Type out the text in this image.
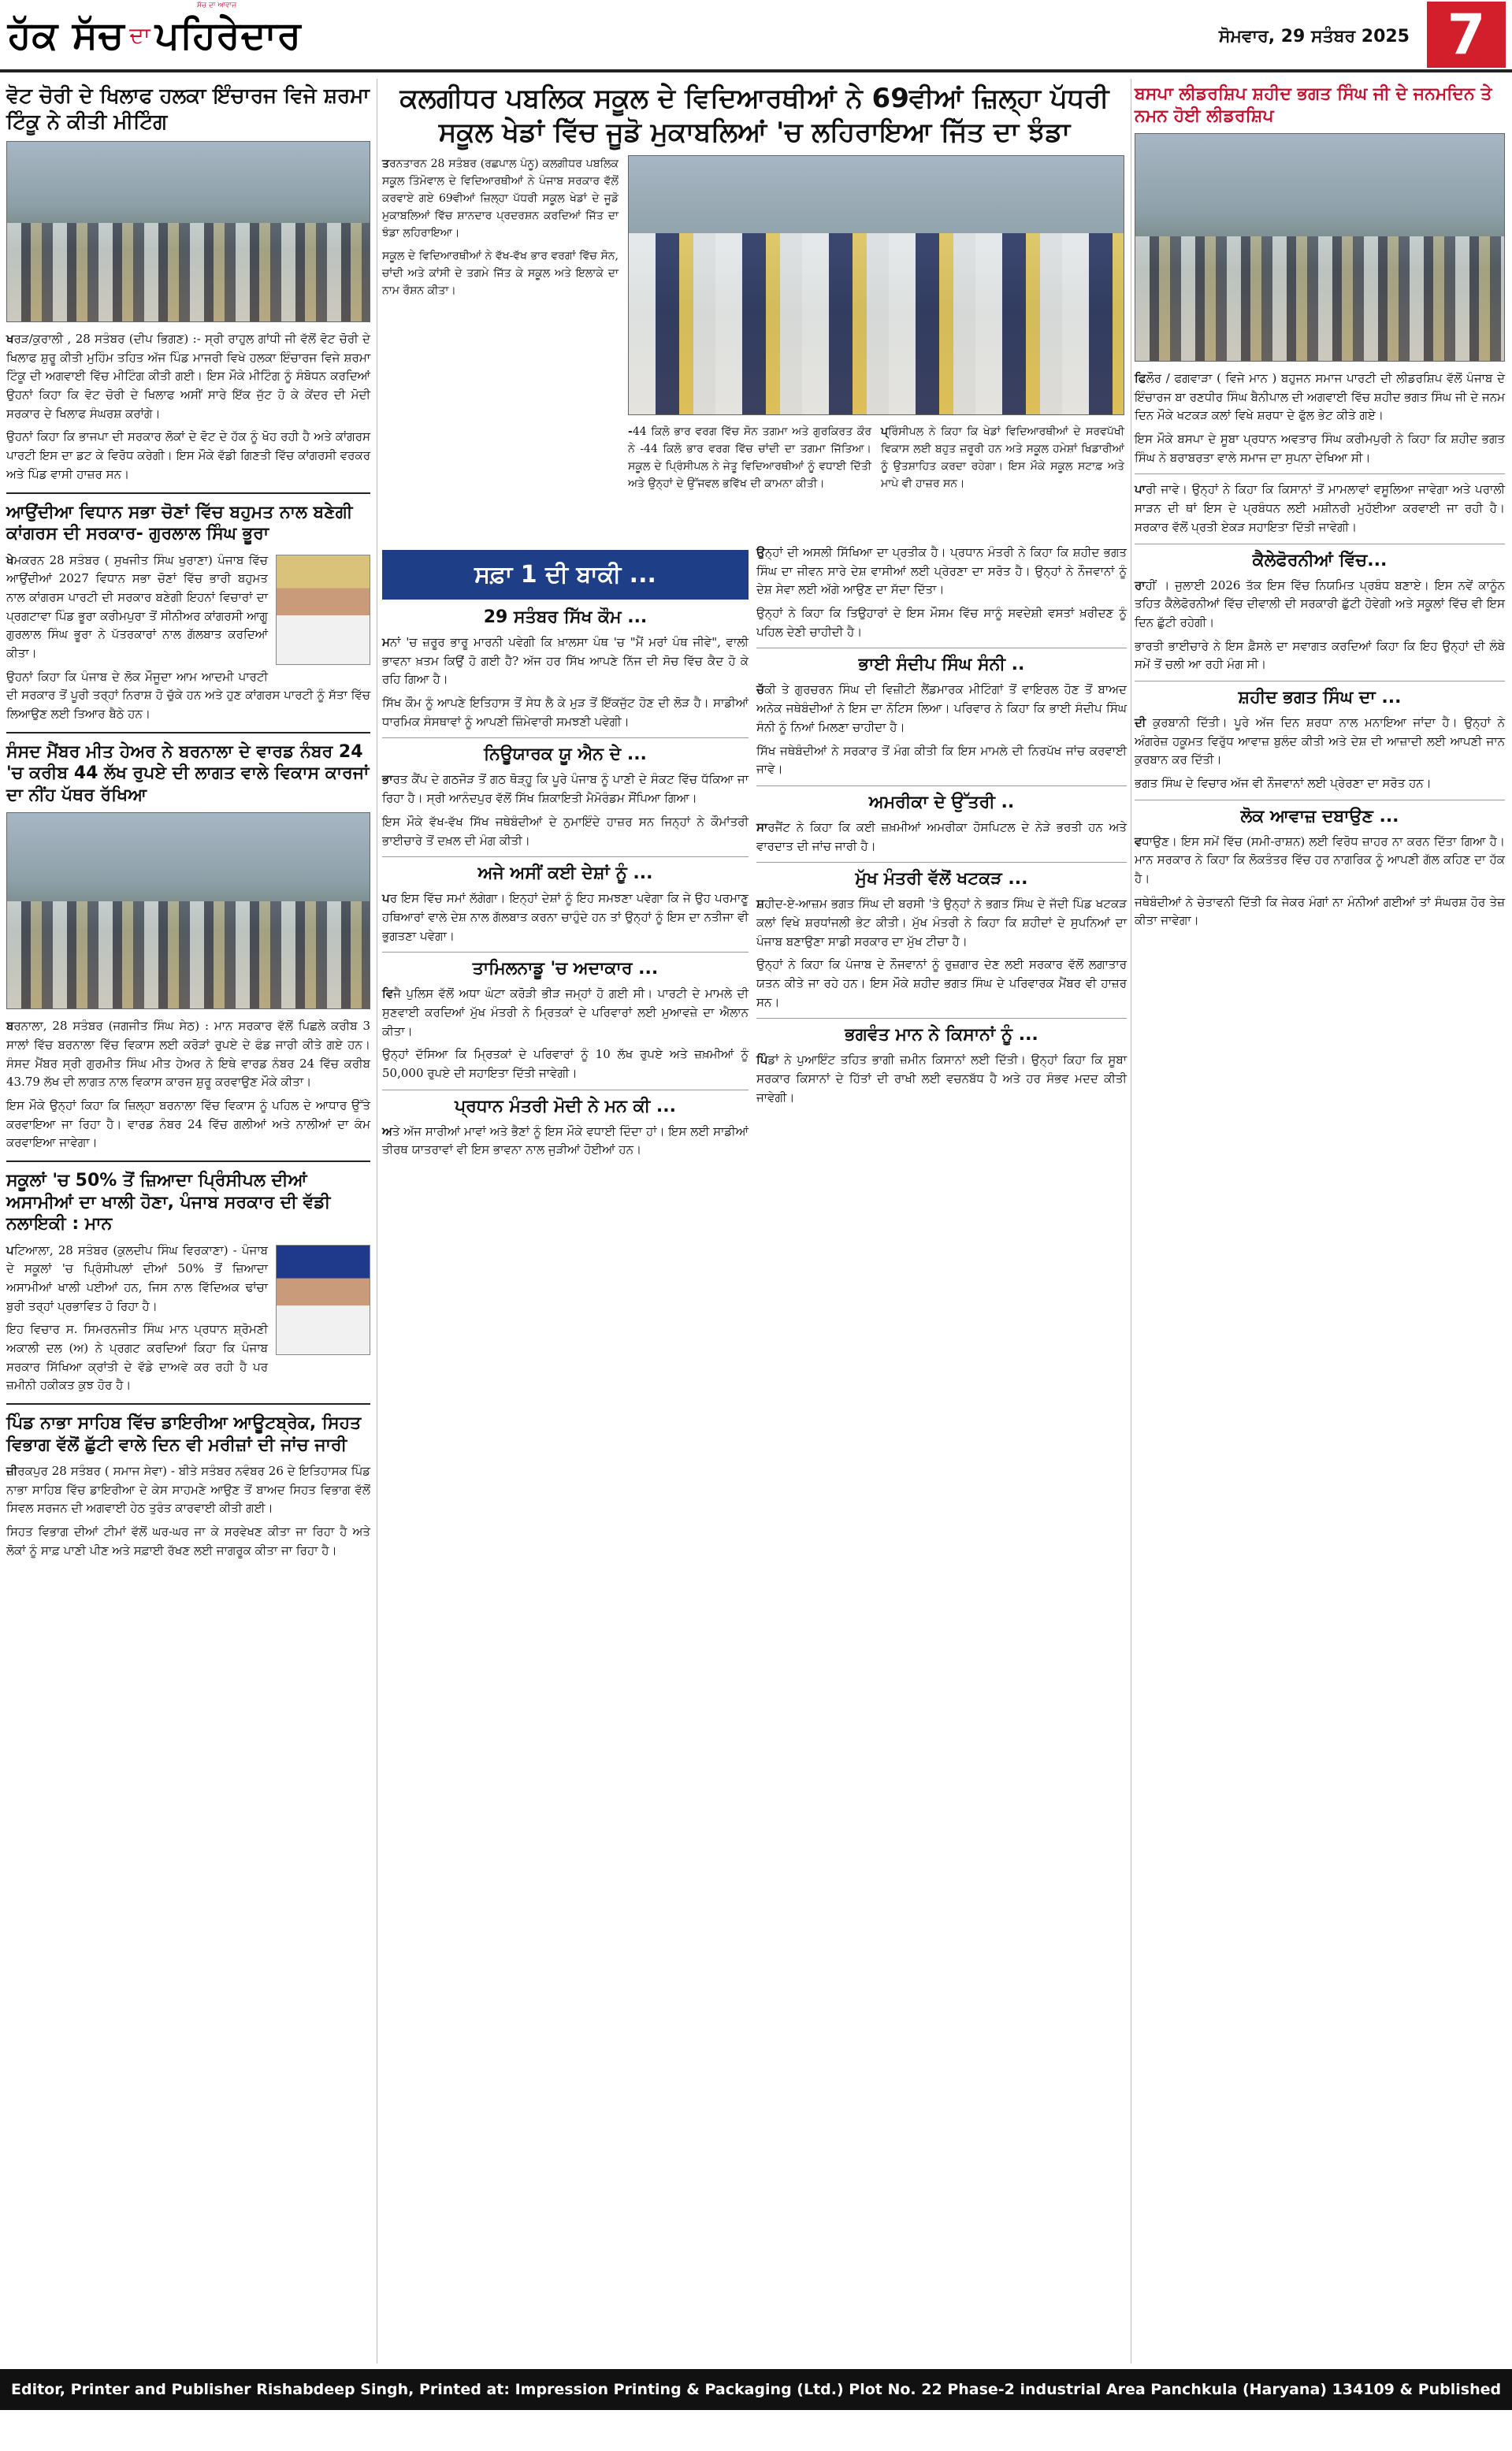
ਹੱਕ ਸੱਚ ਦਾ ਪਹਿਰੇਦਾਰ
ਸੱਚ ਦਾ ਆਵਾਜ਼
ਸੋਮਵਾਰ, 29 ਸਤੰਬਰ 2025 7
ਵੋਟ ਚੋਰੀ ਦੇ ਖਿਲਾਫ ਹਲਕਾ ਇੰਚਾਰਜ ਵਿਜੇ ਸ਼ਰਮਾ ਟਿੰਕੂ ਨੇ ਕੀਤੀ ਮੀਟਿੰਗ

ਖਰੜ/ਕੁਰਾਲੀ , 28 ਸਤੰਬਰ (ਦੀਪ ਭਿਗਣ) :- ਸ੍ਰੀ ਰਾਹੁਲ ਗਾਂਧੀ ਜੀ ਵੱਲੋਂ ਵੋਟ ਚੋਰੀ ਦੇ ਖਿਲਾਫ ਸ਼ੁਰੂ ਕੀਤੀ ਮੁਹਿੰਮ ਤਹਿਤ ਅੱਜ ਪਿੰਡ ਮਾਜਰੀ ਵਿਖੇ ਹਲਕਾ ਇੰਚਾਰਜ ਵਿਜੇ ਸ਼ਰਮਾ ਟਿੰਕੂ ਦੀ ਅਗਵਾਈ ਵਿੱਚ ਮੀਟਿੰਗ ਕੀਤੀ ਗਈ। ਇਸ ਮੌਕੇ ਮੀਟਿੰਗ ਨੂੰ ਸੰਬੋਧਨ ਕਰਦਿਆਂ ਉਹਨਾਂ ਕਿਹਾ ਕਿ ਵੋਟ ਚੋਰੀ ਦੇ ਖਿਲਾਫ ਅਸੀਂ ਸਾਰੇ ਇੱਕ ਜੁੱਟ ਹੋ ਕੇ ਕੇਂਦਰ ਦੀ ਮੋਦੀ ਸਰਕਾਰ ਦੇ ਖਿਲਾਫ ਸੰਘਰਸ਼ ਕਰਾਂਗੇ।

ਉਹਨਾਂ ਕਿਹਾ ਕਿ ਭਾਜਪਾ ਦੀ ਸਰਕਾਰ ਲੋਕਾਂ ਦੇ ਵੋਟ ਦੇ ਹੱਕ ਨੂੰ ਖੋਹ ਰਹੀ ਹੈ ਅਤੇ ਕਾਂਗਰਸ ਪਾਰਟੀ ਇਸ ਦਾ ਡਟ ਕੇ ਵਿਰੋਧ ਕਰੇਗੀ। ਇਸ ਮੌਕੇ ਵੱਡੀ ਗਿਣਤੀ ਵਿੱਚ ਕਾਂਗਰਸੀ ਵਰਕਰ ਅਤੇ ਪਿੰਡ ਵਾਸੀ ਹਾਜ਼ਰ ਸਨ।

ਆਉਂਦੀਆ ਵਿਧਾਨ ਸਭਾ ਚੋਣਾਂ ਵਿੱਚ ਬਹੁਮਤ ਨਾਲ ਬਣੇਗੀ ਕਾਂਗਰਸ ਦੀ ਸਰਕਾਰ- ਗੁਰਲਾਲ ਸਿੰਘ ਭੂਰਾ

ਖੇਮਕਰਨ 28 ਸਤੰਬਰ ( ਸੁਖਜੀਤ ਸਿੰਘ ਖੁਰਾਣਾ) ਪੰਜਾਬ ਵਿੱਚ ਆਉਂਦੀਆਂ 2027 ਵਿਧਾਨ ਸਭਾ ਚੋਣਾਂ ਵਿੱਚ ਭਾਰੀ ਬਹੁਮਤ ਨਾਲ ਕਾਂਗਰਸ ਪਾਰਟੀ ਦੀ ਸਰਕਾਰ ਬਣੇਗੀ ਇਹਨਾਂ ਵਿਚਾਰਾਂ ਦਾ ਪ੍ਰਗਟਾਵਾ ਪਿੰਡ ਭੂਰਾ ਕਰੀਮਪੁਰਾ ਤੋਂ ਸੀਨੀਅਰ ਕਾਂਗਰਸੀ ਆਗੂ ਗੁਰਲਾਲ ਸਿੰਘ ਭੂਰਾ ਨੇ ਪੱਤਰਕਾਰਾਂ ਨਾਲ ਗੱਲਬਾਤ ਕਰਦਿਆਂ ਕੀਤਾ।

ਉਹਨਾਂ ਕਿਹਾ ਕਿ ਪੰਜਾਬ ਦੇ ਲੋਕ ਮੌਜੂਦਾ ਆਮ ਆਦਮੀ ਪਾਰਟੀ ਦੀ ਸਰਕਾਰ ਤੋਂ ਪੂਰੀ ਤਰ੍ਹਾਂ ਨਿਰਾਸ਼ ਹੋ ਚੁੱਕੇ ਹਨ ਅਤੇ ਹੁਣ ਕਾਂਗਰਸ ਪਾਰਟੀ ਨੂੰ ਸੱਤਾ ਵਿੱਚ ਲਿਆਉਣ ਲਈ ਤਿਆਰ ਬੈਠੇ ਹਨ।

ਸੰਸਦ ਮੈਂਬਰ ਮੀਤ ਹੇਅਰ ਨੇ ਬਰਨਾਲਾ ਦੇ ਵਾਰਡ ਨੰਬਰ 24 'ਚ ਕਰੀਬ 44 ਲੱਖ ਰੁਪਏ ਦੀ ਲਾਗਤ ਵਾਲੇ ਵਿਕਾਸ ਕਾਰਜਾਂ ਦਾ ਨੀਂਹ ਪੱਥਰ ਰੱਖਿਆ

ਬਰਨਾਲਾ, 28 ਸਤੰਬਰ (ਜਗਜੀਤ ਸਿੰਘ ਸੇਠ) : ਮਾਨ ਸਰਕਾਰ ਵੱਲੋਂ ਪਿਛਲੇ ਕਰੀਬ 3 ਸਾਲਾਂ ਵਿੱਚ ਬਰਨਾਲਾ ਵਿੱਚ ਵਿਕਾਸ ਲਈ ਕਰੋੜਾਂ ਰੁਪਏ ਦੇ ਫੰਡ ਜਾਰੀ ਕੀਤੇ ਗਏ ਹਨ। ਸੰਸਦ ਮੈਂਬਰ ਸ੍ਰੀ ਗੁਰਮੀਤ ਸਿੰਘ ਮੀਤ ਹੇਅਰ ਨੇ ਇਥੇ ਵਾਰਡ ਨੰਬਰ 24 ਵਿੱਚ ਕਰੀਬ 43.79 ਲੱਖ ਦੀ ਲਾਗਤ ਨਾਲ ਵਿਕਾਸ ਕਾਰਜ ਸ਼ੁਰੂ ਕਰਵਾਉਣ ਮੌਕੇ ਕੀਤਾ।

ਇਸ ਮੌਕੇ ਉਨ੍ਹਾਂ ਕਿਹਾ ਕਿ ਜ਼ਿਲ੍ਹਾ ਬਰਨਾਲਾ ਵਿੱਚ ਵਿਕਾਸ ਨੂੰ ਪਹਿਲ ਦੇ ਆਧਾਰ ਉੱਤੇ ਕਰਵਾਇਆ ਜਾ ਰਿਹਾ ਹੈ। ਵਾਰਡ ਨੰਬਰ 24 ਵਿੱਚ ਗਲੀਆਂ ਅਤੇ ਨਾਲੀਆਂ ਦਾ ਕੰਮ ਕਰਵਾਇਆ ਜਾਵੇਗਾ।

ਸਕੂਲਾਂ 'ਚ 50% ਤੋਂ ਜ਼ਿਆਦਾ ਪ੍ਰਿੰਸੀਪਲ ਦੀਆਂ ਅਸਾਮੀਆਂ ਦਾ ਖਾਲੀ ਹੋਣਾ, ਪੰਜਾਬ ਸਰਕਾਰ ਦੀ ਵੱਡੀ ਨਲਾਇਕੀ : ਮਾਨ

ਪਟਿਆਲਾ, 28 ਸਤੰਬਰ (ਕੁਲਦੀਪ ਸਿੰਘ ਵਿਰਕਾਣਾ) - ਪੰਜਾਬ ਦੇ ਸਕੂਲਾਂ 'ਚ ਪ੍ਰਿੰਸੀਪਲਾਂ ਦੀਆਂ 50% ਤੋਂ ਜ਼ਿਆਦਾ ਅਸਾਮੀਆਂ ਖਾਲੀ ਪਈਆਂ ਹਨ, ਜਿਸ ਨਾਲ ਵਿੱਦਿਅਕ ਢਾਂਚਾ ਬੁਰੀ ਤਰ੍ਹਾਂ ਪ੍ਰਭਾਵਿਤ ਹੋ ਰਿਹਾ ਹੈ।

ਇਹ ਵਿਚਾਰ ਸ. ਸਿਮਰਨਜੀਤ ਸਿੰਘ ਮਾਨ ਪ੍ਰਧਾਨ ਸ਼੍ਰੋਮਣੀ ਅਕਾਲੀ ਦਲ (ਅ) ਨੇ ਪ੍ਰਗਟ ਕਰਦਿਆਂ ਕਿਹਾ ਕਿ ਪੰਜਾਬ ਸਰਕਾਰ ਸਿੱਖਿਆ ਕ੍ਰਾਂਤੀ ਦੇ ਵੱਡੇ ਦਾਅਵੇ ਕਰ ਰਹੀ ਹੈ ਪਰ ਜ਼ਮੀਨੀ ਹਕੀਕਤ ਕੁਝ ਹੋਰ ਹੈ।

ਪਿੰਡ ਨਾਭਾ ਸਾਹਿਬ ਵਿੱਚ ਡਾਇਰੀਆ ਆਊਟਬ੍ਰੇਕ, ਸਿਹਤ ਵਿਭਾਗ ਵੱਲੋਂ ਛੁੱਟੀ ਵਾਲੇ ਦਿਨ ਵੀ ਮਰੀਜ਼ਾਂ ਦੀ ਜਾਂਚ ਜਾਰੀ

ਜ਼ੀਰਕਪੁਰ 28 ਸਤੰਬਰ ( ਸਮਾਜ ਸੇਵਾ) - ਬੀਤੇ ਸਤੰਬਰ ਨਵੰਬਰ 26 ਦੇ ਇਤਿਹਾਸਕ ਪਿੰਡ ਨਾਭਾ ਸਾਹਿਬ ਵਿੱਚ ਡਾਇਰੀਆ ਦੇ ਕੇਸ ਸਾਹਮਣੇ ਆਉਣ ਤੋਂ ਬਾਅਦ ਸਿਹਤ ਵਿਭਾਗ ਵੱਲੋਂ ਸਿਵਲ ਸਰਜਨ ਦੀ ਅਗਵਾਈ ਹੇਠ ਤੁਰੰਤ ਕਾਰਵਾਈ ਕੀਤੀ ਗਈ।

ਸਿਹਤ ਵਿਭਾਗ ਦੀਆਂ ਟੀਮਾਂ ਵੱਲੋਂ ਘਰ-ਘਰ ਜਾ ਕੇ ਸਰਵੇਖਣ ਕੀਤਾ ਜਾ ਰਿਹਾ ਹੈ ਅਤੇ ਲੋਕਾਂ ਨੂੰ ਸਾਫ਼ ਪਾਣੀ ਪੀਣ ਅਤੇ ਸਫ਼ਾਈ ਰੱਖਣ ਲਈ ਜਾਗਰੂਕ ਕੀਤਾ ਜਾ ਰਿਹਾ ਹੈ।

ਕਲਗੀਧਰ ਪਬਲਿਕ ਸਕੂਲ ਦੇ ਵਿਦਿਆਰਥੀਆਂ ਨੇ 69ਵੀਆਂ ਜ਼ਿਲ੍ਹਾ ਪੱਧਰੀ ਸਕੂਲ ਖੇਡਾਂ ਵਿੱਚ ਜੂਡੋ ਮੁਕਾਬਲਿਆਂ 'ਚ ਲਹਿਰਾਇਆ ਜਿੱਤ ਦਾ ਝੰਡਾ

ਤਰਨਤਾਰਨ 28 ਸਤੰਬਰ (ਰਛਪਾਲ ਪੰਨੂ) ਕਲਗੀਧਰ ਪਬਲਿਕ ਸਕੂਲ ਤਿੰਮੋਵਾਲ ਦੇ ਵਿਦਿਆਰਥੀਆਂ ਨੇ ਪੰਜਾਬ ਸਰਕਾਰ ਵੱਲੋਂ ਕਰਵਾਏ ਗਏ 69ਵੀਆਂ ਜ਼ਿਲ੍ਹਾ ਪੱਧਰੀ ਸਕੂਲ ਖੇਡਾਂ ਦੇ ਜੂਡੋ ਮੁਕਾਬਲਿਆਂ ਵਿੱਚ ਸ਼ਾਨਦਾਰ ਪ੍ਰਦਰਸ਼ਨ ਕਰਦਿਆਂ ਜਿੱਤ ਦਾ ਝੰਡਾ ਲਹਿਰਾਇਆ।

ਸਕੂਲ ਦੇ ਵਿਦਿਆਰਥੀਆਂ ਨੇ ਵੱਖ-ਵੱਖ ਭਾਰ ਵਰਗਾਂ ਵਿੱਚ ਸੋਨ, ਚਾਂਦੀ ਅਤੇ ਕਾਂਸੀ ਦੇ ਤਗਮੇ ਜਿੱਤ ਕੇ ਸਕੂਲ ਅਤੇ ਇਲਾਕੇ ਦਾ ਨਾਮ ਰੌਸ਼ਨ ਕੀਤਾ।

-44 ਕਿਲੋ ਭਾਰ ਵਰਗ ਵਿੱਚ ਸੋਨ ਤਗਮਾ ਅਤੇ ਗੁਰਕਿਰਤ ਕੌਰ ਨੇ -44 ਕਿਲੋ ਭਾਰ ਵਰਗ ਵਿੱਚ ਚਾਂਦੀ ਦਾ ਤਗਮਾ ਜਿੱਤਿਆ। ਸਕੂਲ ਦੇ ਪ੍ਰਿੰਸੀਪਲ ਨੇ ਜੇਤੂ ਵਿਦਿਆਰਥੀਆਂ ਨੂੰ ਵਧਾਈ ਦਿੱਤੀ ਅਤੇ ਉਨ੍ਹਾਂ ਦੇ ਉੱਜਵਲ ਭਵਿੱਖ ਦੀ ਕਾਮਨਾ ਕੀਤੀ।

ਪ੍ਰਿੰਸੀਪਲ ਨੇ ਕਿਹਾ ਕਿ ਖੇਡਾਂ ਵਿਦਿਆਰਥੀਆਂ ਦੇ ਸਰਵਪੱਖੀ ਵਿਕਾਸ ਲਈ ਬਹੁਤ ਜ਼ਰੂਰੀ ਹਨ ਅਤੇ ਸਕੂਲ ਹਮੇਸ਼ਾਂ ਖਿਡਾਰੀਆਂ ਨੂੰ ਉਤਸ਼ਾਹਿਤ ਕਰਦਾ ਰਹੇਗਾ। ਇਸ ਮੌਕੇ ਸਕੂਲ ਸਟਾਫ਼ ਅਤੇ ਮਾਪੇ ਵੀ ਹਾਜ਼ਰ ਸਨ।

ਸਫ਼ਾ 1 ਦੀ ਬਾਕੀ ...
29 ਸਤੰਬਰ ਸਿੱਖ ਕੌਮ ...

ਮਨਾਂ 'ਚ ਜ਼ਰੂਰ ਭਾਰੂ ਮਾਰਨੀ ਪਵੇਗੀ ਕਿ ਖ਼ਾਲਸਾ ਪੰਥ 'ਚ "ਮੈਂ ਮਰਾਂ ਪੰਥ ਜੀਵੇ", ਵਾਲੀ ਭਾਵਨਾ ਖ਼ਤਮ ਕਿਉਂ ਹੋ ਗਈ ਹੈ? ਅੱਜ ਹਰ ਸਿੱਖ ਆਪਣੇ ਨਿੱਜ ਦੀ ਸੋਚ ਵਿੱਚ ਕੈਦ ਹੋ ਕੇ ਰਹਿ ਗਿਆ ਹੈ।

ਸਿੱਖ ਕੌਮ ਨੂੰ ਆਪਣੇ ਇਤਿਹਾਸ ਤੋਂ ਸੇਧ ਲੈ ਕੇ ਮੁੜ ਤੋਂ ਇੱਕਜੁੱਟ ਹੋਣ ਦੀ ਲੋੜ ਹੈ। ਸਾਡੀਆਂ ਧਾਰਮਿਕ ਸੰਸਥਾਵਾਂ ਨੂੰ ਆਪਣੀ ਜ਼ਿੰਮੇਵਾਰੀ ਸਮਝਣੀ ਪਵੇਗੀ।

ਨਿਊਯਾਰਕ ਯੂ ਐਨ ਦੇ ...

ਭਾਰਤ ਕੈਂਪ ਦੇ ਗਠਜੋੜ ਤੋਂ ਗਠ ਥੋੜ੍ਹੂ ਕਿ ਪੂਰੇ ਪੰਜਾਬ ਨੂੰ ਪਾਣੀ ਦੇ ਸੰਕਟ ਵਿੱਚ ਧੱਕਿਆ ਜਾ ਰਿਹਾ ਹੈ। ਸ੍ਰੀ ਆਨੰਦਪੁਰ ਵੱਲੋਂ ਸਿੱਖ ਸ਼ਿਕਾਇਤੀ ਮੈਮੋਰੰਡਮ ਸੌਂਪਿਆ ਗਿਆ।

ਇਸ ਮੌਕੇ ਵੱਖ-ਵੱਖ ਸਿੱਖ ਜਥੇਬੰਦੀਆਂ ਦੇ ਨੁਮਾਇੰਦੇ ਹਾਜ਼ਰ ਸਨ ਜਿਨ੍ਹਾਂ ਨੇ ਕੌਮਾਂਤਰੀ ਭਾਈਚਾਰੇ ਤੋਂ ਦਖ਼ਲ ਦੀ ਮੰਗ ਕੀਤੀ।

ਅਜੇ ਅਸੀਂ ਕਈ ਦੇਸ਼ਾਂ ਨੂੰ ...

ਪਰ ਇਸ ਵਿੱਚ ਸਮਾਂ ਲੱਗੇਗਾ। ਇਨ੍ਹਾਂ ਦੇਸ਼ਾਂ ਨੂੰ ਇਹ ਸਮਝਣਾ ਪਵੇਗਾ ਕਿ ਜੇ ਉਹ ਪਰਮਾਣੂ ਹਥਿਆਰਾਂ ਵਾਲੇ ਦੇਸ਼ ਨਾਲ ਗੱਲਬਾਤ ਕਰਨਾ ਚਾਹੁੰਦੇ ਹਨ ਤਾਂ ਉਨ੍ਹਾਂ ਨੂੰ ਇਸ ਦਾ ਨਤੀਜਾ ਵੀ ਭੁਗਤਣਾ ਪਵੇਗਾ।

ਤਾਮਿਲਨਾਡੂ 'ਚ ਅਦਾਕਾਰ ...

ਵਿਜੈ ਪੁਲਿਸ ਵੱਲੋਂ ਅਧਾ ਘੰਟਾ ਕਰੋੜੀ ਭੀੜ ਜਮ੍ਹਾਂ ਹੋ ਗਈ ਸੀ। ਪਾਰਟੀ ਦੇ ਮਾਮਲੇ ਦੀ ਸੁਣਵਾਈ ਕਰਦਿਆਂ ਮੁੱਖ ਮੰਤਰੀ ਨੇ ਮ੍ਰਿਤਕਾਂ ਦੇ ਪਰਿਵਾਰਾਂ ਲਈ ਮੁਆਵਜ਼ੇ ਦਾ ਐਲਾਨ ਕੀਤਾ।

ਉਨ੍ਹਾਂ ਦੱਸਿਆ ਕਿ ਮ੍ਰਿਤਕਾਂ ਦੇ ਪਰਿਵਾਰਾਂ ਨੂੰ 10 ਲੱਖ ਰੁਪਏ ਅਤੇ ਜ਼ਖ਼ਮੀਆਂ ਨੂੰ 50,000 ਰੁਪਏ ਦੀ ਸਹਾਇਤਾ ਦਿੱਤੀ ਜਾਵੇਗੀ।

ਪ੍ਰਧਾਨ ਮੰਤਰੀ ਮੋਦੀ ਨੇ ਮਨ ਕੀ ...

ਅਤੇ ਅੱਜ ਸਾਰੀਆਂ ਮਾਵਾਂ ਅਤੇ ਭੈਣਾਂ ਨੂੰ ਇਸ ਮੌਕੇ ਵਧਾਈ ਦਿੰਦਾ ਹਾਂ। ਇਸ ਲਈ ਸਾਡੀਆਂ ਤੀਰਥ ਯਾਤਰਾਵਾਂ ਵੀ ਇਸ ਭਾਵਨਾ ਨਾਲ ਜੁੜੀਆਂ ਹੋਈਆਂ ਹਨ।

ਉਨ੍ਹਾਂ ਦੀ ਅਸਲੀ ਸਿੱਖਿਆ ਦਾ ਪ੍ਰਤੀਕ ਹੈ। ਪ੍ਰਧਾਨ ਮੰਤਰੀ ਨੇ ਕਿਹਾ ਕਿ ਸ਼ਹੀਦ ਭਗਤ ਸਿੰਘ ਦਾ ਜੀਵਨ ਸਾਰੇ ਦੇਸ਼ ਵਾਸੀਆਂ ਲਈ ਪ੍ਰੇਰਣਾ ਦਾ ਸਰੋਤ ਹੈ। ਉਨ੍ਹਾਂ ਨੇ ਨੌਜਵਾਨਾਂ ਨੂੰ ਦੇਸ਼ ਸੇਵਾ ਲਈ ਅੱਗੇ ਆਉਣ ਦਾ ਸੱਦਾ ਦਿੱਤਾ।

ਉਨ੍ਹਾਂ ਨੇ ਕਿਹਾ ਕਿ ਤਿਉਹਾਰਾਂ ਦੇ ਇਸ ਮੌਸਮ ਵਿੱਚ ਸਾਨੂੰ ਸਵਦੇਸ਼ੀ ਵਸਤਾਂ ਖ਼ਰੀਦਣ ਨੂੰ ਪਹਿਲ ਦੇਣੀ ਚਾਹੀਦੀ ਹੈ।

ਭਾਈ ਸੰਦੀਪ ਸਿੰਘ ਸੰਨੀ ..

ਚੱਕੀ ਤੇ ਗੁਰਚਰਨ ਸਿੰਘ ਦੀ ਵਿਜ਼ੀਟੀ ਲੈਂਡਮਾਰਕ ਮੀਟਿੰਗਾਂ ਤੋਂ ਵਾਇਰਲ ਹੋਣ ਤੋਂ ਬਾਅਦ ਅਨੇਕ ਜਥੇਬੰਦੀਆਂ ਨੇ ਇਸ ਦਾ ਨੋਟਿਸ ਲਿਆ। ਪਰਿਵਾਰ ਨੇ ਕਿਹਾ ਕਿ ਭਾਈ ਸੰਦੀਪ ਸਿੰਘ ਸੰਨੀ ਨੂੰ ਨਿਆਂ ਮਿਲਣਾ ਚਾਹੀਦਾ ਹੈ।

ਸਿੱਖ ਜਥੇਬੰਦੀਆਂ ਨੇ ਸਰਕਾਰ ਤੋਂ ਮੰਗ ਕੀਤੀ ਕਿ ਇਸ ਮਾਮਲੇ ਦੀ ਨਿਰਪੱਖ ਜਾਂਚ ਕਰਵਾਈ ਜਾਵੇ।

ਅਮਰੀਕਾ ਦੇ ਉੱਤਰੀ ..

ਸਾਰਜੈਂਟ ਨੇ ਕਿਹਾ ਕਿ ਕਈ ਜ਼ਖ਼ਮੀਆਂ ਅਮਰੀਕਾ ਹੋਸਪਿਟਲ ਦੇ ਨੇੜੇ ਭਰਤੀ ਹਨ ਅਤੇ ਵਾਰਦਾਤ ਦੀ ਜਾਂਚ ਜਾਰੀ ਹੈ।

ਮੁੱਖ ਮੰਤਰੀ ਵੱਲੋਂ ਖਟਕੜ ...

ਸ਼ਹੀਦ-ਏ-ਆਜ਼ਮ ਭਗਤ ਸਿੰਘ ਦੀ ਬਰਸੀ 'ਤੇ ਉਨ੍ਹਾਂ ਨੇ ਭਗਤ ਸਿੰਘ ਦੇ ਜੱਦੀ ਪਿੰਡ ਖਟਕੜ ਕਲਾਂ ਵਿਖੇ ਸ਼ਰਧਾਂਜਲੀ ਭੇਟ ਕੀਤੀ। ਮੁੱਖ ਮੰਤਰੀ ਨੇ ਕਿਹਾ ਕਿ ਸ਼ਹੀਦਾਂ ਦੇ ਸੁਪਨਿਆਂ ਦਾ ਪੰਜਾਬ ਬਣਾਉਣਾ ਸਾਡੀ ਸਰਕਾਰ ਦਾ ਮੁੱਖ ਟੀਚਾ ਹੈ।

ਉਨ੍ਹਾਂ ਨੇ ਕਿਹਾ ਕਿ ਪੰਜਾਬ ਦੇ ਨੌਜਵਾਨਾਂ ਨੂੰ ਰੁਜ਼ਗਾਰ ਦੇਣ ਲਈ ਸਰਕਾਰ ਵੱਲੋਂ ਲਗਾਤਾਰ ਯਤਨ ਕੀਤੇ ਜਾ ਰਹੇ ਹਨ। ਇਸ ਮੌਕੇ ਸ਼ਹੀਦ ਭਗਤ ਸਿੰਘ ਦੇ ਪਰਿਵਾਰਕ ਮੈਂਬਰ ਵੀ ਹਾਜ਼ਰ ਸਨ।

ਭਗਵੰਤ ਮਾਨ ਨੇ ਕਿਸਾਨਾਂ ਨੂੰ ...

ਪਿੰਡਾਂ ਨੇ ਪੁਆਇੰਟ ਤਹਿਤ ਭਾਗੀ ਜ਼ਮੀਨ ਕਿਸਾਨਾਂ ਲਈ ਦਿੱਤੀ। ਉਨ੍ਹਾਂ ਕਿਹਾ ਕਿ ਸੂਬਾ ਸਰਕਾਰ ਕਿਸਾਨਾਂ ਦੇ ਹਿੱਤਾਂ ਦੀ ਰਾਖੀ ਲਈ ਵਚਨਬੱਧ ਹੈ ਅਤੇ ਹਰ ਸੰਭਵ ਮਦਦ ਕੀਤੀ ਜਾਵੇਗੀ।

ਬਸਪਾ ਲੀਡਰਸ਼ਿਪ ਸ਼ਹੀਦ ਭਗਤ ਸਿੰਘ ਜੀ ਦੇ ਜਨਮਦਿਨ ਤੇ ਨਮਨ ਹੋਈ ਲੀਡਰਸ਼ਿਪ

ਫਿਲੌਰ / ਫਗਵਾੜਾ ( ਵਿਜੇ ਮਾਨ ) ਬਹੁਜਨ ਸਮਾਜ ਪਾਰਟੀ ਦੀ ਲੀਡਰਸ਼ਿਪ ਵੱਲੋਂ ਪੰਜਾਬ ਦੇ ਇੰਚਾਰਜ ਬਾ ਰਣਧੀਰ ਸਿੰਘ ਬੈਨੀਪਾਲ ਦੀ ਅਗਵਾਈ ਵਿੱਚ ਸ਼ਹੀਦ ਭਗਤ ਸਿੰਘ ਜੀ ਦੇ ਜਨਮ ਦਿਨ ਮੌਕੇ ਖਟਕੜ ਕਲਾਂ ਵਿਖੇ ਸ਼ਰਧਾ ਦੇ ਫੁੱਲ ਭੇਟ ਕੀਤੇ ਗਏ।

ਇਸ ਮੌਕੇ ਬਸਪਾ ਦੇ ਸੂਬਾ ਪ੍ਰਧਾਨ ਅਵਤਾਰ ਸਿੰਘ ਕਰੀਮਪੁਰੀ ਨੇ ਕਿਹਾ ਕਿ ਸ਼ਹੀਦ ਭਗਤ ਸਿੰਘ ਨੇ ਬਰਾਬਰਤਾ ਵਾਲੇ ਸਮਾਜ ਦਾ ਸੁਪਨਾ ਦੇਖਿਆ ਸੀ।

ਪਾਰੀ ਜਾਵੇ। ਉਨ੍ਹਾਂ ਨੇ ਕਿਹਾ ਕਿ ਕਿਸਾਨਾਂ ਤੋਂ ਮਾਮਲਾਵਾਂ ਵਸੂਲਿਆ ਜਾਵੇਗਾ ਅਤੇ ਪਰਾਲੀ ਸਾੜਨ ਦੀ ਥਾਂ ਇਸ ਦੇ ਪ੍ਰਬੰਧਨ ਲਈ ਮਸ਼ੀਨਰੀ ਮੁਹੱਈਆ ਕਰਵਾਈ ਜਾ ਰਹੀ ਹੈ। ਸਰਕਾਰ ਵੱਲੋਂ ਪ੍ਰਤੀ ਏਕੜ ਸਹਾਇਤਾ ਦਿੱਤੀ ਜਾਵੇਗੀ।

ਕੈਲੇਫੋਰਨੀਆਂ ਵਿੱਚ...

ਰਾਹੀਂ । ਜੁਲਾਈ 2026 ਤੱਕ ਇਸ ਵਿੱਚ ਨਿਯਮਿਤ ਪ੍ਰਬੰਧ ਬਣਾਏ। ਇਸ ਨਵੇਂ ਕਾਨੂੰਨ ਤਹਿਤ ਕੈਲੇਫੋਰਨੀਆਂ ਵਿੱਚ ਦੀਵਾਲੀ ਦੀ ਸਰਕਾਰੀ ਛੁੱਟੀ ਹੋਵੇਗੀ ਅਤੇ ਸਕੂਲਾਂ ਵਿੱਚ ਵੀ ਇਸ ਦਿਨ ਛੁੱਟੀ ਰਹੇਗੀ।

ਭਾਰਤੀ ਭਾਈਚਾਰੇ ਨੇ ਇਸ ਫ਼ੈਸਲੇ ਦਾ ਸਵਾਗਤ ਕਰਦਿਆਂ ਕਿਹਾ ਕਿ ਇਹ ਉਨ੍ਹਾਂ ਦੀ ਲੰਬੇ ਸਮੇਂ ਤੋਂ ਚਲੀ ਆ ਰਹੀ ਮੰਗ ਸੀ।

ਸ਼ਹੀਦ ਭਗਤ ਸਿੰਘ ਦਾ ...

ਦੀ ਕੁਰਬਾਨੀ ਦਿੱਤੀ। ਪੂਰੇ ਅੱਜ ਦਿਨ ਸ਼ਰਧਾ ਨਾਲ ਮਨਾਇਆ ਜਾਂਦਾ ਹੈ। ਉਨ੍ਹਾਂ ਨੇ ਅੰਗਰੇਜ਼ ਹਕੂਮਤ ਵਿਰੁੱਧ ਆਵਾਜ਼ ਬੁਲੰਦ ਕੀਤੀ ਅਤੇ ਦੇਸ਼ ਦੀ ਆਜ਼ਾਦੀ ਲਈ ਆਪਣੀ ਜਾਨ ਕੁਰਬਾਨ ਕਰ ਦਿੱਤੀ।

ਭਗਤ ਸਿੰਘ ਦੇ ਵਿਚਾਰ ਅੱਜ ਵੀ ਨੌਜਵਾਨਾਂ ਲਈ ਪ੍ਰੇਰਣਾ ਦਾ ਸਰੋਤ ਹਨ।

ਲੋਕ ਆਵਾਜ਼ ਦਬਾਉਣ ...

ਵਧਾਉਣ। ਇਸ ਸਮੇਂ ਵਿੱਚ (ਸਮੀ-ਰਾਸ਼ਨ) ਲਈ ਵਿਰੋਧ ਜ਼ਾਹਰ ਨਾ ਕਰਨ ਦਿੱਤਾ ਗਿਆ ਹੈ। ਮਾਨ ਸਰਕਾਰ ਨੇ ਕਿਹਾ ਕਿ ਲੋਕਤੰਤਰ ਵਿੱਚ ਹਰ ਨਾਗਰਿਕ ਨੂੰ ਆਪਣੀ ਗੱਲ ਕਹਿਣ ਦਾ ਹੱਕ ਹੈ।

ਜਥੇਬੰਦੀਆਂ ਨੇ ਚੇਤਾਵਨੀ ਦਿੱਤੀ ਕਿ ਜੇਕਰ ਮੰਗਾਂ ਨਾ ਮੰਨੀਆਂ ਗਈਆਂ ਤਾਂ ਸੰਘਰਸ਼ ਹੋਰ ਤੇਜ਼ ਕੀਤਾ ਜਾਵੇਗਾ।

Editor, Printer and Publisher Rishabdeep Singh, Printed at: Impression Printing & Packaging (Ltd.) Plot No. 22 Phase-2 industrial Area Panchkula (Haryana) 134109 & Published From 3223, First Floor, Sector-35D, Chandigarh
